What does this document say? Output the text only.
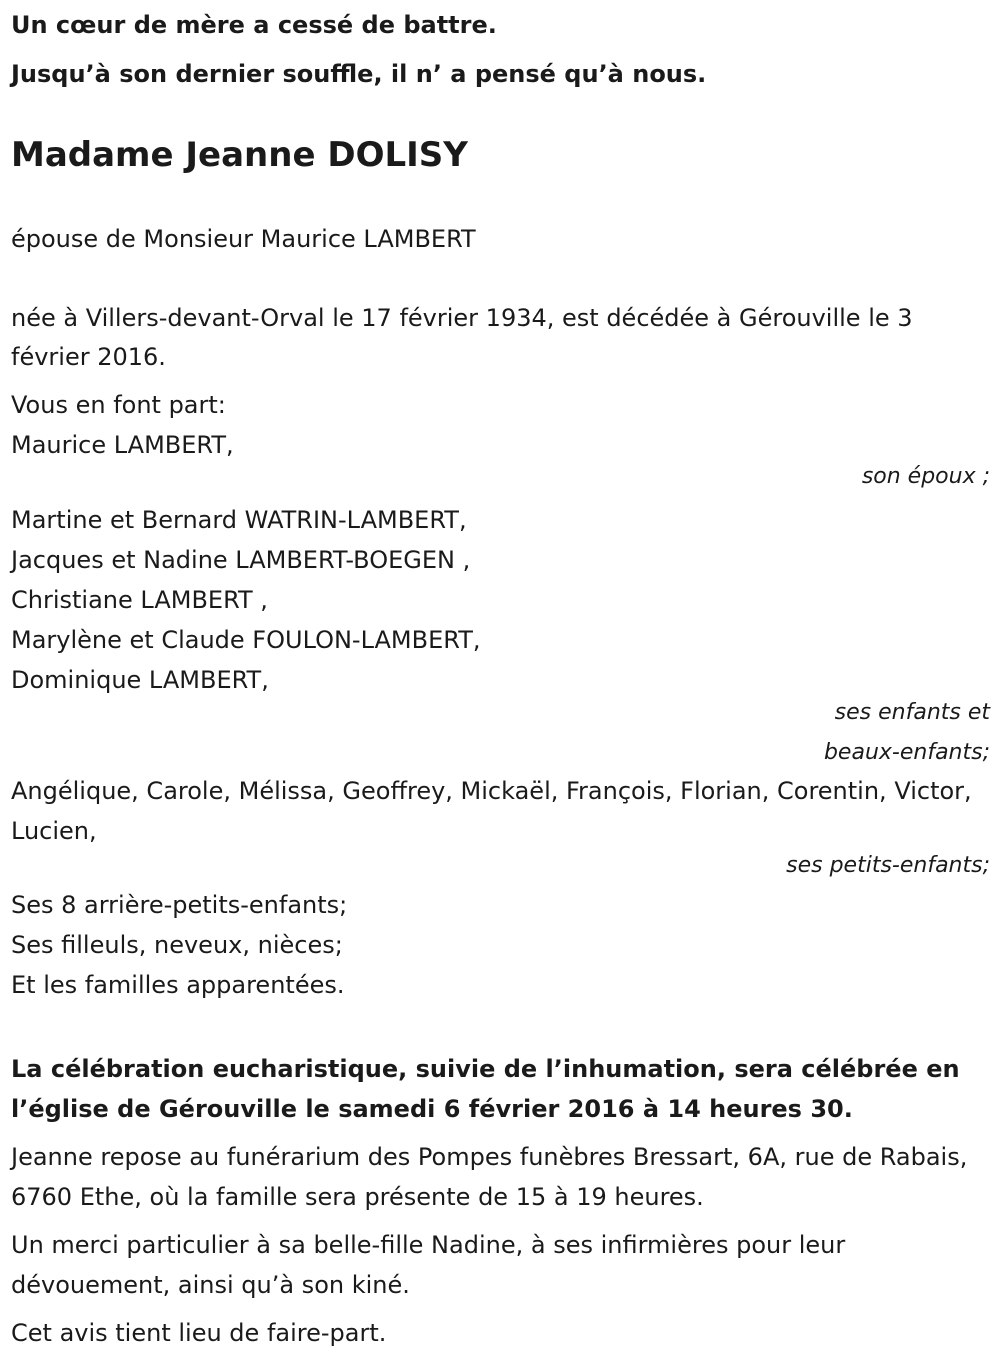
Un cœur de mère a cessé de battre.
Jusqu’à son dernier souffle, il n’ a pensé qu’à nous.
Madame Jeanne DOLISY
épouse de Monsieur Maurice LAMBERT
née à Villers-devant-Orval le 17 février 1934, est décédée à Gérouville le 3 février 2016.
Vous en font part:
Maurice LAMBERT,
son époux ;
Martine et Bernard WATRIN-LAMBERT,
Jacques et Nadine LAMBERT-BOEGEN ,
Christiane LAMBERT ,
Marylène et Claude FOULON-LAMBERT,
Dominique LAMBERT,
ses enfants et
beaux-enfants;
Angélique, Carole, Mélissa, Geoffrey, Mickaël, François, Florian, Corentin, Victor, Lucien,
ses petits-enfants;
Ses 8 arrière-petits-enfants;
Ses filleuls, neveux, nièces;
Et les familles apparentées.
La célébration eucharistique, suivie de l’inhumation, sera célébrée en l’église de Gérouville le samedi 6 février 2016 à 14 heures 30.
Jeanne repose au funérarium des Pompes funèbres Bressart, 6A, rue de Rabais, 6760 Ethe, où la famille sera présente de 15 à 19 heures.
Un merci particulier à sa belle-fille Nadine, à ses infirmières pour leur dévouement, ainsi qu’à son kiné.
Cet avis tient lieu de faire-part.
